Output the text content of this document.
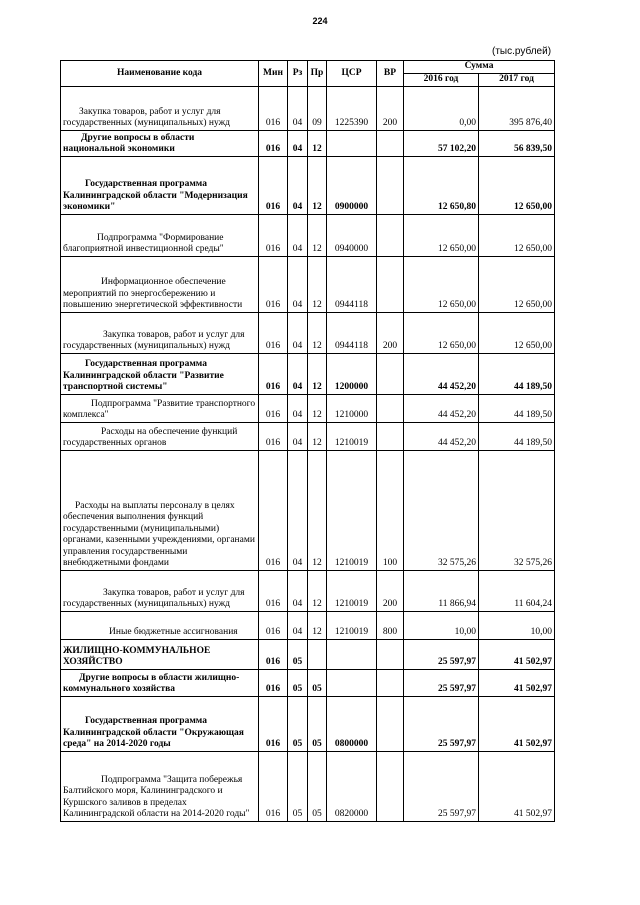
224
(тыс.рублей)
Наименование кода	Мин	Рз	Пр	ЦСР	ВР	Сумма	
						2016 год	2017 год
Закупка товаров, работ и услуг для государственных (муниципальных) нужд	016	04	09	1225390	200	0,00	395 876,40
Другие вопросы в области национальной экономики	016	04	12			57 102,20	56 839,50
Государственная программа Калининградской области "Модернизация экономики"	016	04	12	0900000		12 650,80	12 650,00
Подпрограмма "Формирование благоприятной инвестиционной среды"	016	04	12	0940000		12 650,00	12 650,00
Информационное обеспечение мероприятий по энергосбережению и повышению энергетической эффективности	016	04	12	0944118		12 650,00	12 650,00
Закупка товаров, работ и услуг для государственных (муниципальных) нужд	016	04	12	0944118	200	12 650,00	12 650,00
Государственная программа Калининградской области "Развитие транспортной системы"	016	04	12	1200000		44 452,20	44 189,50
Подпрограмма "Развитие транспортного комплекса"	016	04	12	1210000		44 452,20	44 189,50
Расходы на обеспечение функций государственных органов	016	04	12	1210019		44 452,20	44 189,50
Расходы на выплаты персоналу в целях обеспечения выполнения функций государственными (муниципальными) органами, казенными учреждениями, органами управления государственными внебюджетными фондами	016	04	12	1210019	100	32 575,26	32 575,26
Закупка товаров, работ и услуг для государственных (муниципальных) нужд	016	04	12	1210019	200	11 866,94	11 604,24
Иные бюджетные ассигнования	016	04	12	1210019	800	10,00	10,00
ЖИЛИЩНО-КОММУНАЛЬНОЕ ХОЗЯЙСТВО	016	05				25 597,97	41 502,97
Другие вопросы в области жилищно-коммунального хозяйства	016	05	05			25 597,97	41 502,97
Государственная программа Калининградской области "Окружающая среда" на 2014-2020 годы	016	05	05	0800000		25 597,97	41 502,97
Подпрограмма "Защита побережья Балтийского моря, Калининградского и Куршского заливов в пределах Калининградской области на 2014-2020 годы"	016	05	05	0820000		25 597,97	41 502,97
